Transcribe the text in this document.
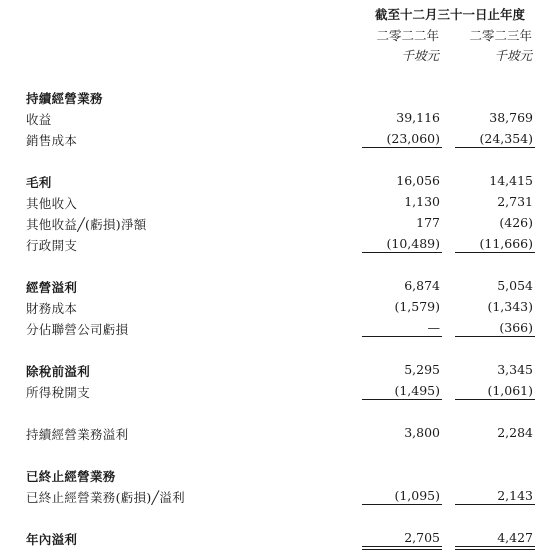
截至十二月三十一日止年度
二零二二年	二零二三年
千坡元	千坡元
持續經營業務
收益	39,116	38,769
銷售成本	(23,060)	(24,354)
毛利	16,056	14,415
其他收入	1,130	2,731
其他收益╱(虧損)淨額	177	(426)
行政開支	(10,489)	(11,666)
經營溢利	6,874	5,054
財務成本	(1,579)	(1,343)
分佔聯營公司虧損	—	(366)
除稅前溢利	5,295	3,345
所得稅開支	(1,495)	(1,061)
持續經營業務溢利	3,800	2,284
已終止經營業務
已終止經營業務(虧損)╱溢利	(1,095)	2,143
年內溢利	2,705	4,427
